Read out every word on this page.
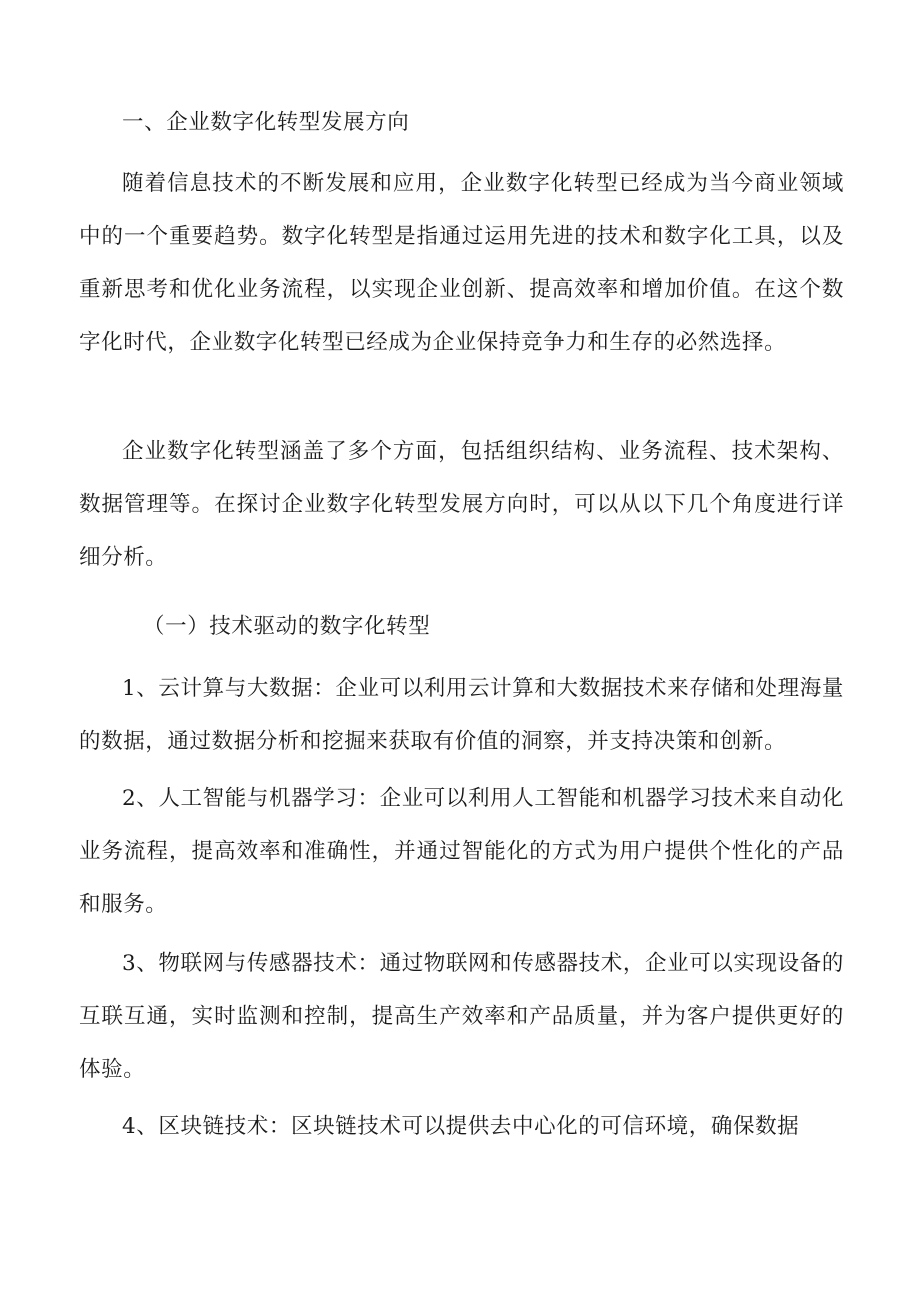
一、企业数字化转型发展方向

随着信息技术的不断发展和应用，企业数字化转型已经成为当今商业领域中的一个重要趋势。数字化转型是指通过运用先进的技术和数字化工具，以及重新思考和优化业务流程，以实现企业创新、提高效率和增加价值。在这个数字化时代，企业数字化转型已经成为企业保持竞争力和生存的必然选择。

企业数字化转型涵盖了多个方面，包括组织结构、业务流程、技术架构、数据管理等。在探讨企业数字化转型发展方向时，可以从以下几个角度进行详细分析。

（一）技术驱动的数字化转型

1、云计算与大数据：企业可以利用云计算和大数据技术来存储和处理海量的数据，通过数据分析和挖掘来获取有价值的洞察，并支持决策和创新。

2、人工智能与机器学习：企业可以利用人工智能和机器学习技术来自动化业务流程，提高效率和准确性，并通过智能化的方式为用户提供个性化的产品和服务。

3、物联网与传感器技术：通过物联网和传感器技术，企业可以实现设备的互联互通，实时监测和控制，提高生产效率和产品质量，并为客户提供更好的体验。

4、区块链技术：区块链技术可以提供去中心化的可信环境，确保数据
